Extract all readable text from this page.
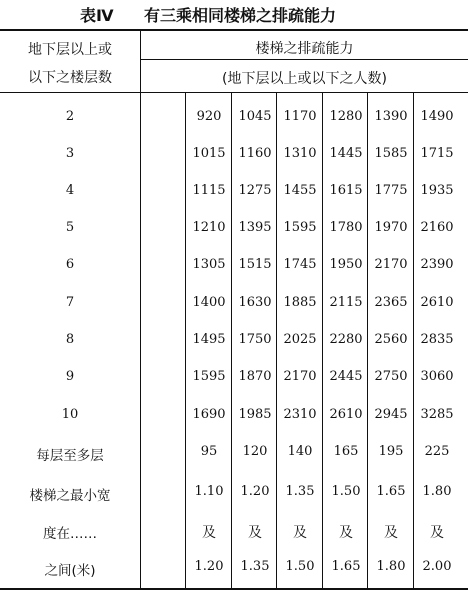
表Ⅳ 有三乘相同楼梯之排疏能力
地下层以上或
以下之楼层数
楼梯之排疏能力
(地下层以上或以下之人数)
2	920	1045 1170 1280 1390 1490
3	1015 1160 1310 1445 1585 1715
4	1115 1275 1455 1615 1775 1935
5	1210 1395 1595 1780 1970 2160
6	1305 1515 1745 1950 2170 2390
7	1400 1630 1885 2115 2365 2610
8	1495 1750 2025 2280 2560 2835
9	1595 1870 2170 2445 2750 3060
10	1690 1985 2310 2610 2945 3285
每层至多层	95	120	140	165	195	225
楼梯之最小宽	1.10	1.20	1.35	1.50	1.65	1.80
度在……	及	及	及	及	及	及
之间(米)	1.20	1.35	1.50	1.65	1.80	2.00
